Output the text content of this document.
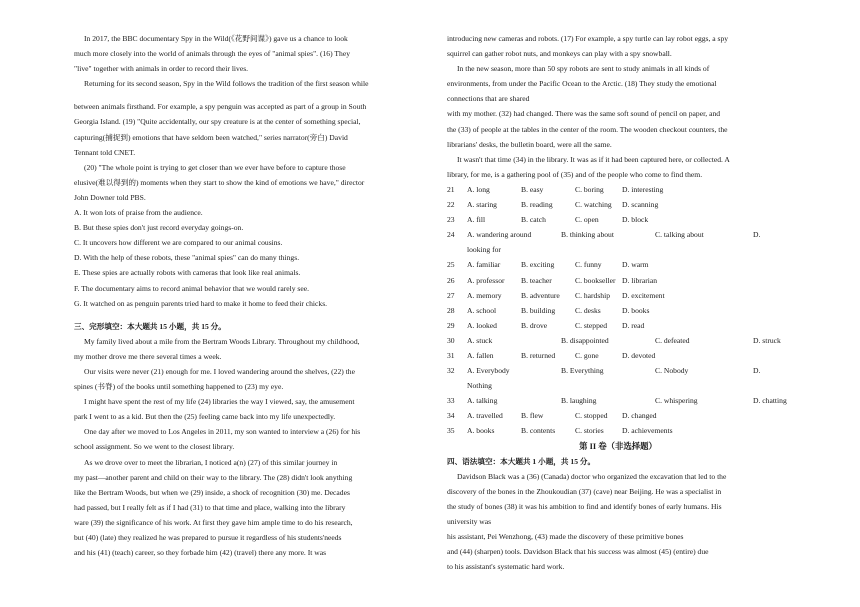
In 2017, the BBC documentary Spy in the Wild(《花野间谍》) gave us a chance to look

much more closely into the world of animals through the eyes of "animal spies". (16) They

"live" together with animals in order to record their lives.

Returning for its second season, Spy in the Wild follows the tradition of the first season while

between animals firsthand. For example, a spy penguin was accepted as part of a group in South

Georgia Island. (19) "Quite accidentally, our spy creature is at the center of something special,

capturing(捕捉到) emotions that have seldom been watched," series narrator(旁白) David

Tennant told CNET.

(20) "The whole point is trying to get closer than we ever have before to capture those

elusive(难以得到的) moments when they start to show the kind of emotions we have," director

John Downer told PBS.

A. It won lots of praise from the audience.

B. But these spies don't just record everyday goings-on.

C. It uncovers how different we are compared to our animal cousins.

D. With the help of these robots, these "animal spies" can do many things.

E. These spies are actually robots with cameras that look like real animals.

F. The documentary aims to record animal behavior that we would rarely see.

G. It watched on as penguin parents tried hard to make it home to feed their chicks.

三、完形填空：本大题共 15 小题，共 15 分。

My family lived about a mile from the Bertram Woods Library. Throughout my childhood,

my mother drove me there several times a week.

Our visits were never (21) enough for me. I loved wandering around the shelves, (22) the

spines (书脊) of the books until something happened to (23) my eye.

I might have spent the rest of my life (24) libraries the way I viewed, say, the amusement

park I went to as a kid. But then the (25) feeling came back into my life unexpectedly.

One day after we moved to Los Angeles in 2011, my son wanted to interview a (26) for his

school assignment. So we went to the closest library.

As we drove over to meet the librarian, I noticed a(n) (27) of this similar journey in

my past—another parent and child on their way to the library. The (28) didn't look anything

like the Bertram Woods, but when we (29) inside, a shock of recognition (30) me. Decades

had passed, but I really felt as if I had (31) to that time and place, walking into the library

ware (39) the significance of his work. At first they gave him ample time to do his research,

but (40) (late) they realized he was prepared to pursue it regardless of his students'needs

and his (41) (teach) career, so they forbade him (42) (travel) there any more. It was

introducing new cameras and robots. (17) For example, a spy turtle can lay robot eggs, a spy

squirrel can gather robot nuts, and monkeys can play with a spy snowball.

In the new season, more than 50 spy robots are sent to study animals in all kinds of

environments, from under the Pacific Ocean to the Arctic. (18) They study the emotional

connections that are shared

with my mother. (32) had changed. There was the same soft sound of pencil on paper, and

the (33) of people at the tables in the center of the room. The wooden checkout counters, the

librarians' desks, the bulletin board, were all the same.

It wasn't that time (34) in the library. It was as if it had been captured here, or collected. A

library, for me, is a gathering pool of (35) and of the people who come to find them.

21	A. long	B. easy	C. boring	D. interesting
22	A. staring	B. reading	C. watching	D. scanning
23	A. fill	B. catch	C. open	D. block
24	A. wandering around	B. thinking about	C. talking about	D.
looking for
25	A. familiar	B. exciting	C. funny	D. warm
26	A. professor	B. teacher	C. bookseller D. librarian
27	A. memory	B. adventure	C. hardship	D. excitement
28	A. school	B. building	C. desks	D. books
29	A. looked	B. drove	C. stepped	D. read
30	A. stuck	B. disappointed	C. defeated	D. struck
31	A. fallen	B. returned	C. gone	D. devoted
32	A. Everybody	B. Everything	C. Nobody	D.
Nothing
33	A. talking	B. laughing	C. whispering	D. chatting
34	A. travelled	B. flew	C. stopped	D. changed
35	A. books	B. contents	C. stories	D. achievements
第 II 卷（非选择题）

四、语法填空：本大题共 1 小题，共 15 分。

Davidson Black was a (36) (Canada) doctor who organized the excavation that led to the

discovery of the bones in the Zhoukoudian (37) (cave) near Beijing. He was a specialist in

the study of bones (38) it was his ambition to find and identify bones of early humans. His

university was

his assistant, Pei Wenzhong, (43) made the discovery of these primitive bones

and (44) (sharpen) tools. Davidson Black that his success was almost (45) (entire) due

to his assistant's systematic hard work.
